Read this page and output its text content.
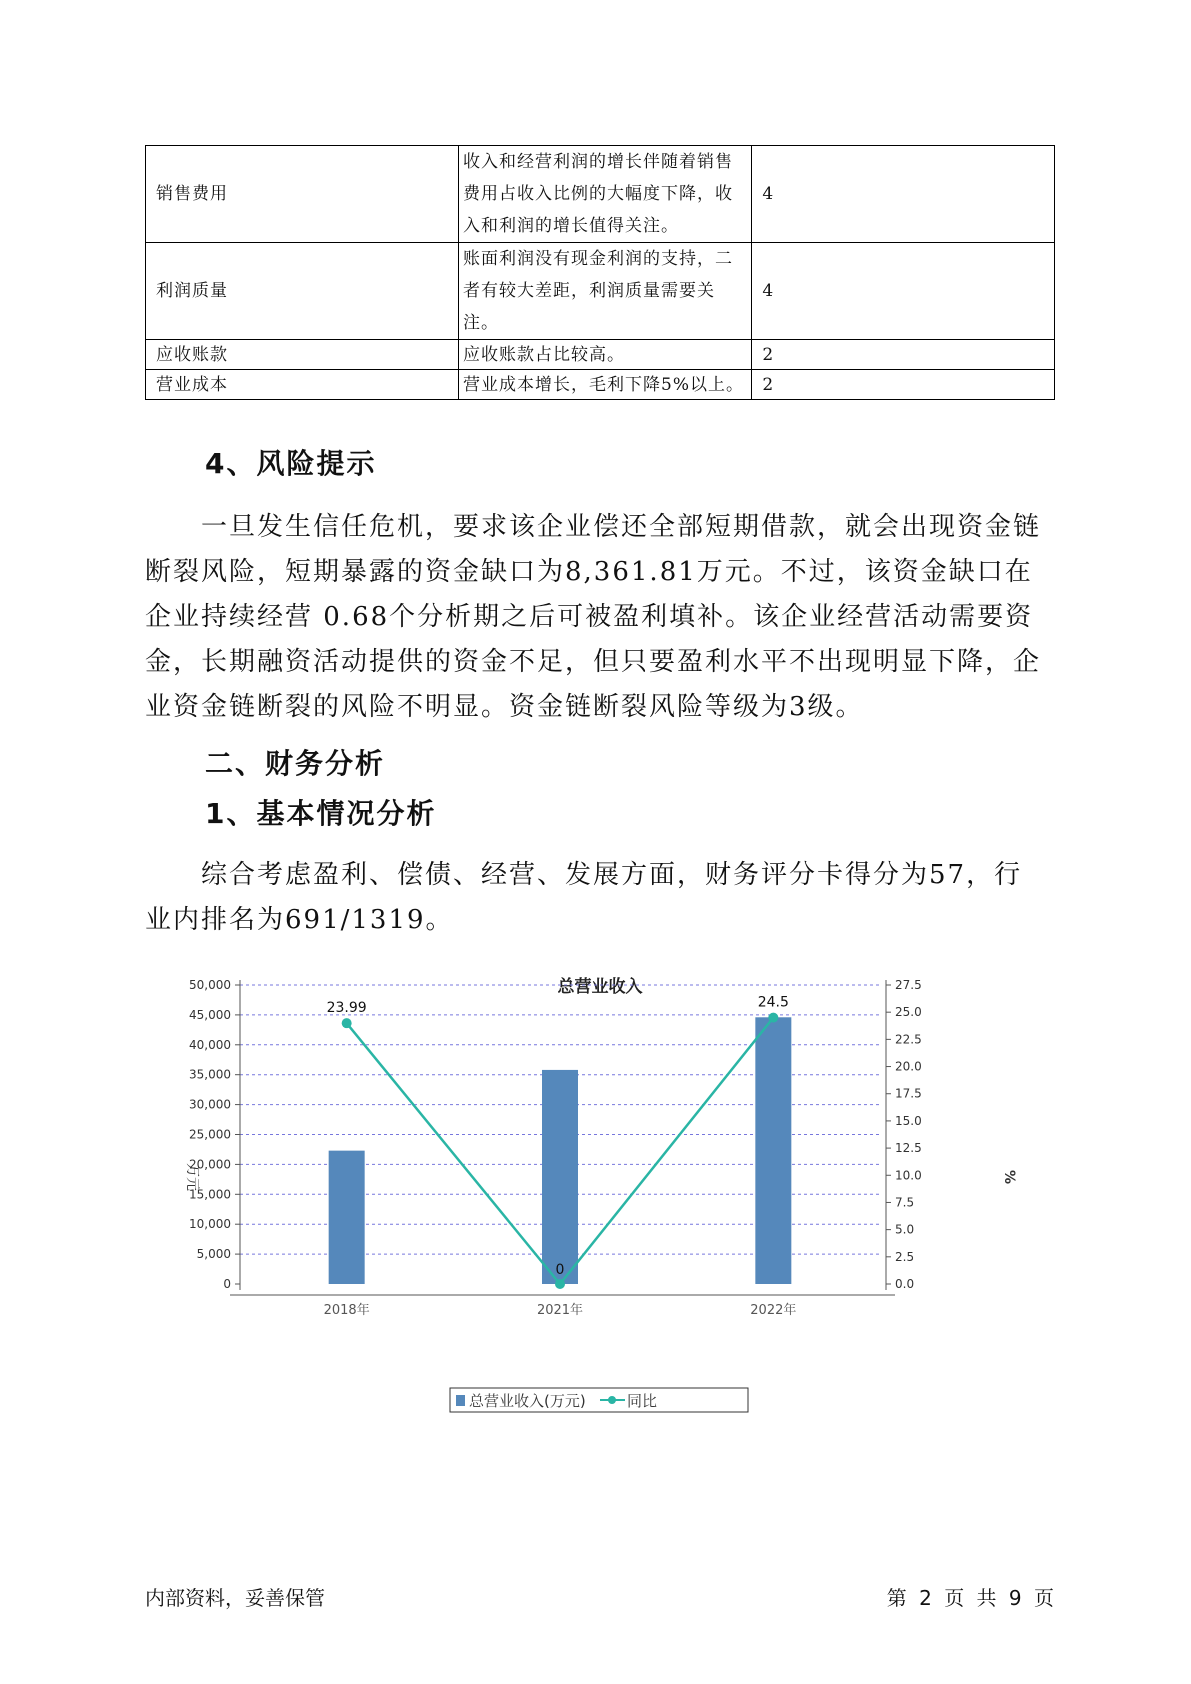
销售费用	收入和经营利润的增长伴随着销售费用占收入比例的大幅度下降，收入和利润的增长值得关注。	4
利润质量	账面利润没有现金利润的支持，二者有较大差距，利润质量需要关注。	4
应收账款	应收账款占比较高。	2
营业成本	营业成本增长，毛利下降5%以上。	2
4、风险提示

一旦发生信任危机，要求该企业偿还全部短期借款，就会出现资金链断裂风险，短期暴露的资金缺口为8,361.81万元。不过，该资金缺口在企业持续经营 0.68个分析期之后可被盈利填补。该企业经营活动需要资金，长期融资活动提供的资金不足，但只要盈利水平不出现明显下降，企业资金链断裂的风险不明显。资金链断裂风险等级为3级。

二、财务分析
1、基本情况分析

综合考虑盈利、偿债、经营、发展方面，财务评分卡得分为57，行业内排名为691/1319。

总营业收入
万元	%
0
5,000
10,000
15,000
20,000
25,000
30,000
35,000
40,000
45,000
50,000
0.0
2.5
5.0
7.5
10.0
12.5
15.0
17.5
20.0
22.5
25.0
27.5
2018年	2021年	2022年
23.99
0
24.5
总营业收入(万元)	同比
内部资料，妥善保管	第 2 页 共 9 页
